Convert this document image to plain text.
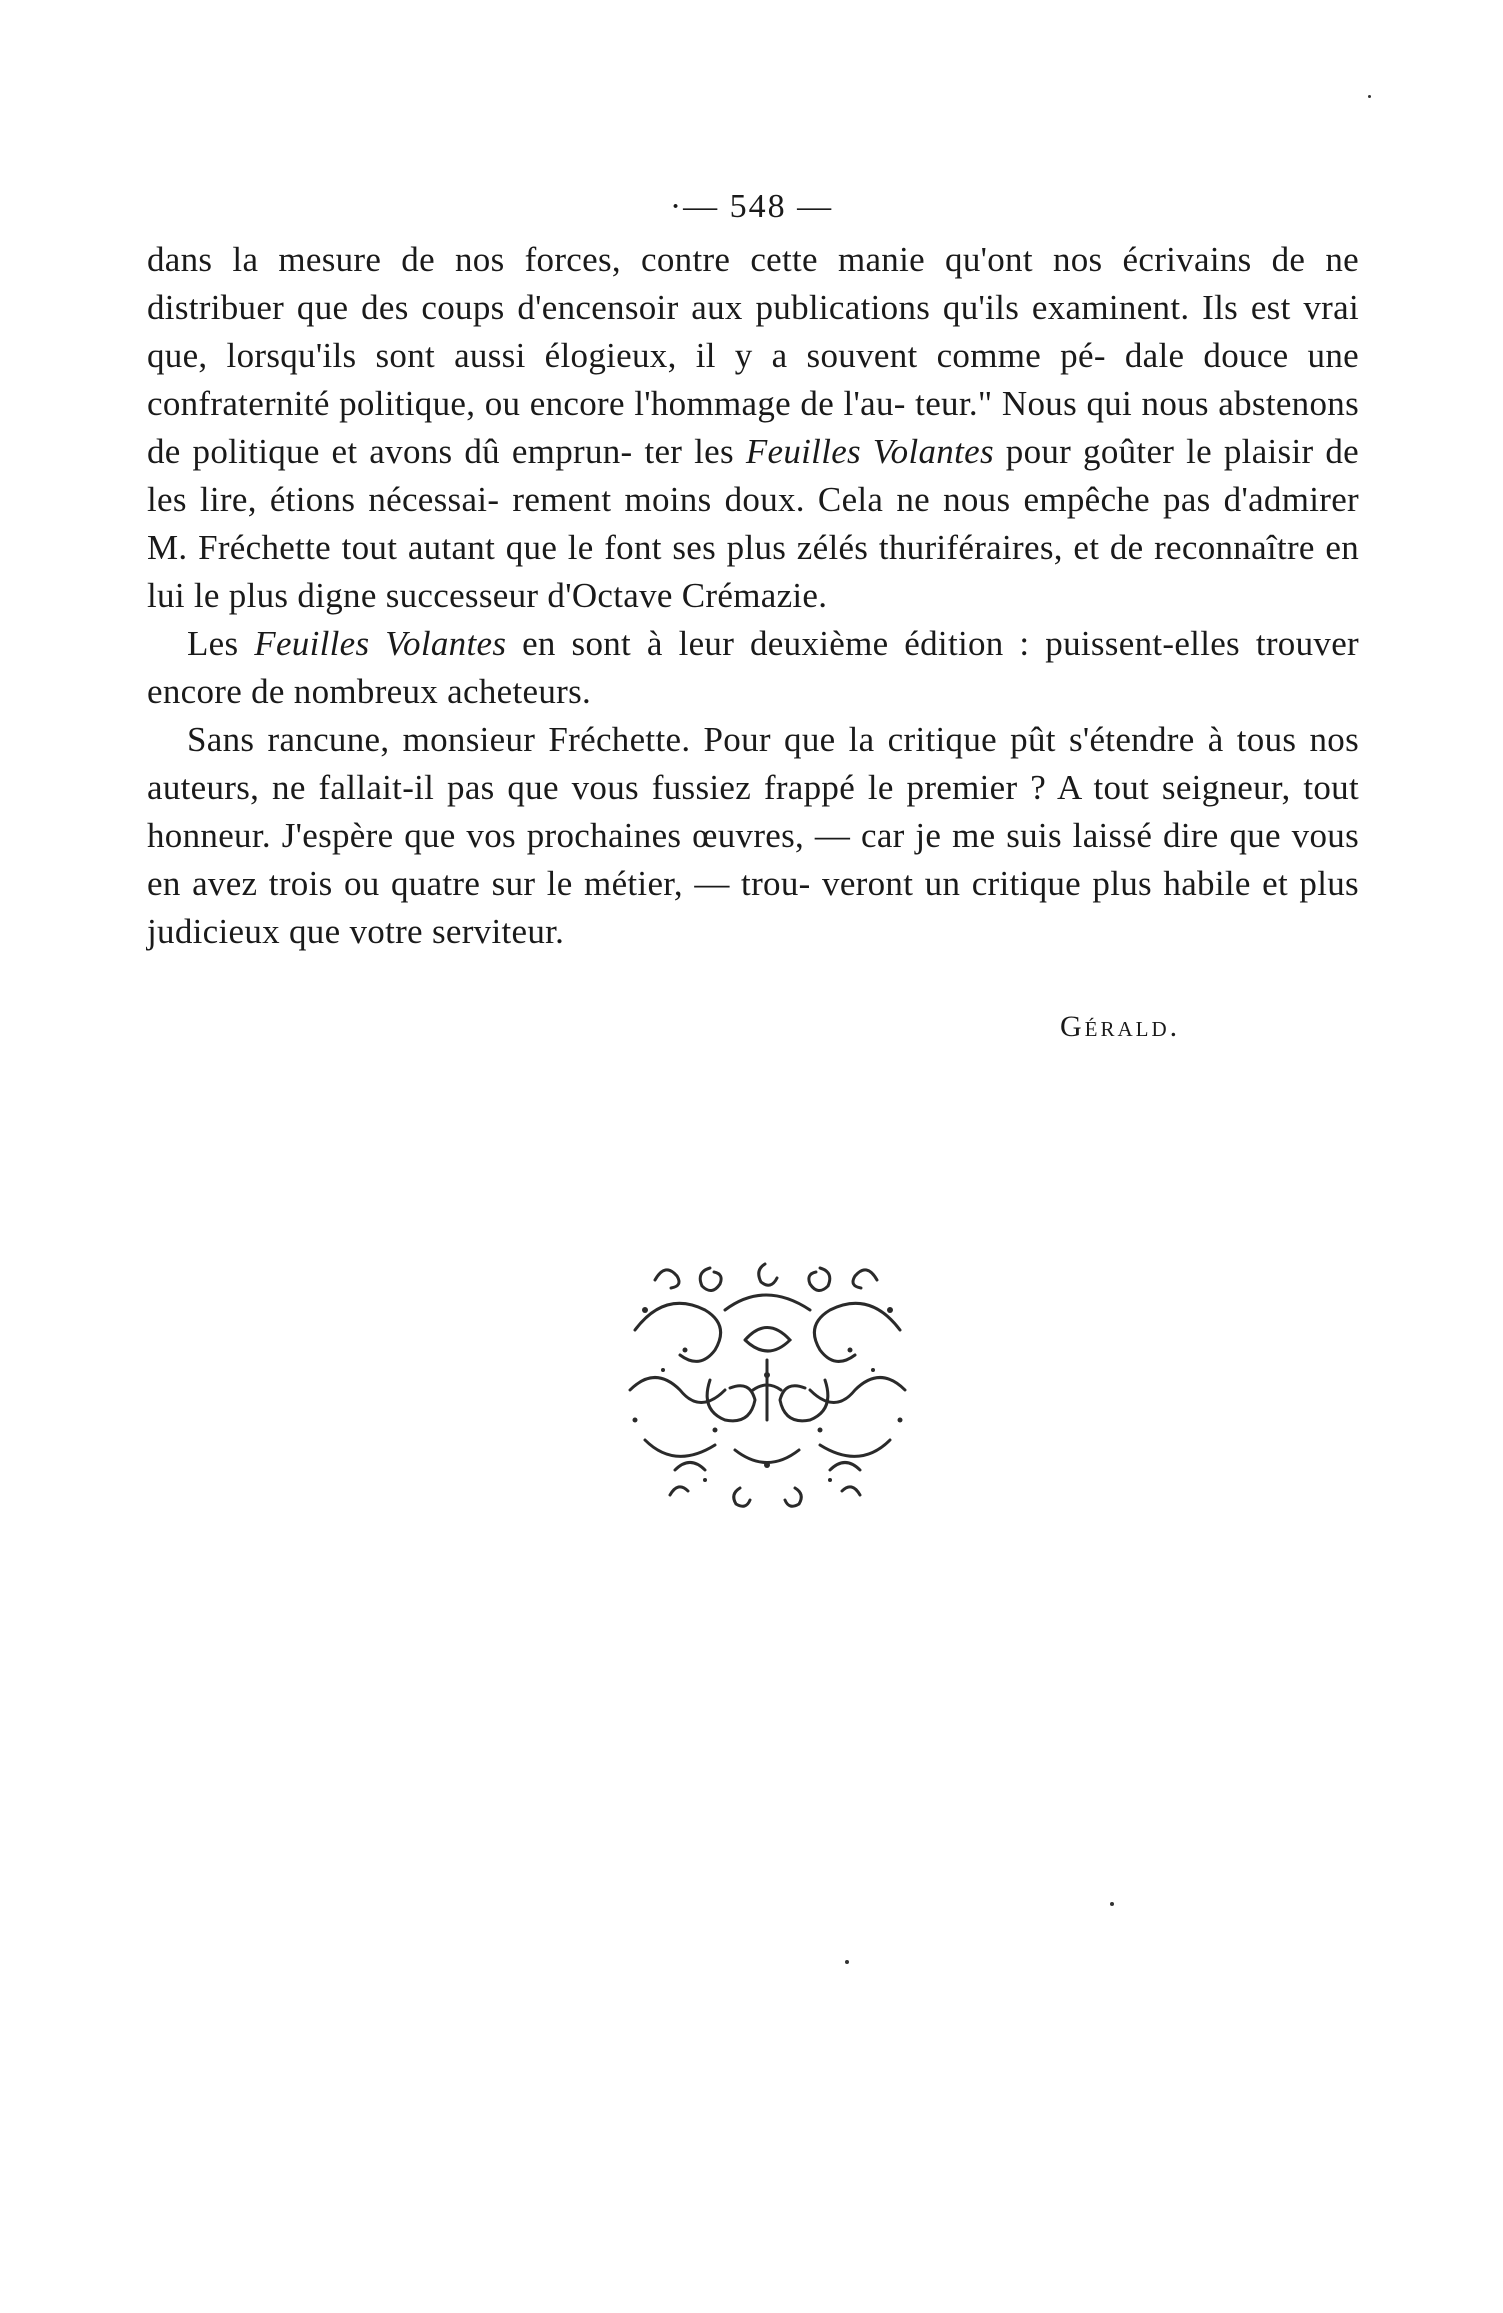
·— 548 —

dans la mesure de nos forces, contre cette manie qu'ont nos écrivains de ne distribuer que des coups d'encensoir aux publications qu'ils examinent. Ils est vrai que, lorsqu'ils sont aussi élogieux, il y a souvent comme pé- dale douce une confraternité politique, ou encore l'hommage de l'au- teur." Nous qui nous abstenons de politique et avons dû emprun- ter les Feuilles Volantes pour goûter le plaisir de les lire, étions nécessai- rement moins doux. Cela ne nous empêche pas d'admirer M. Fréchette tout autant que le font ses plus zélés thuriféraires, et de reconnaître en lui le plus digne successeur d'Octave Crémazie.

Les Feuilles Volantes en sont à leur deuxième édition : puissent-elles trouver encore de nombreux acheteurs.

Sans rancune, monsieur Fréchette. Pour que la critique pût s'étendre à tous nos auteurs, ne fallait-il pas que vous fussiez frappé le premier ? A tout seigneur, tout honneur. J'espère que vos prochaines œuvres, — car je me suis laissé dire que vous en avez trois ou quatre sur le métier, — trou- veront un critique plus habile et plus judicieux que votre serviteur.

Gérald.
